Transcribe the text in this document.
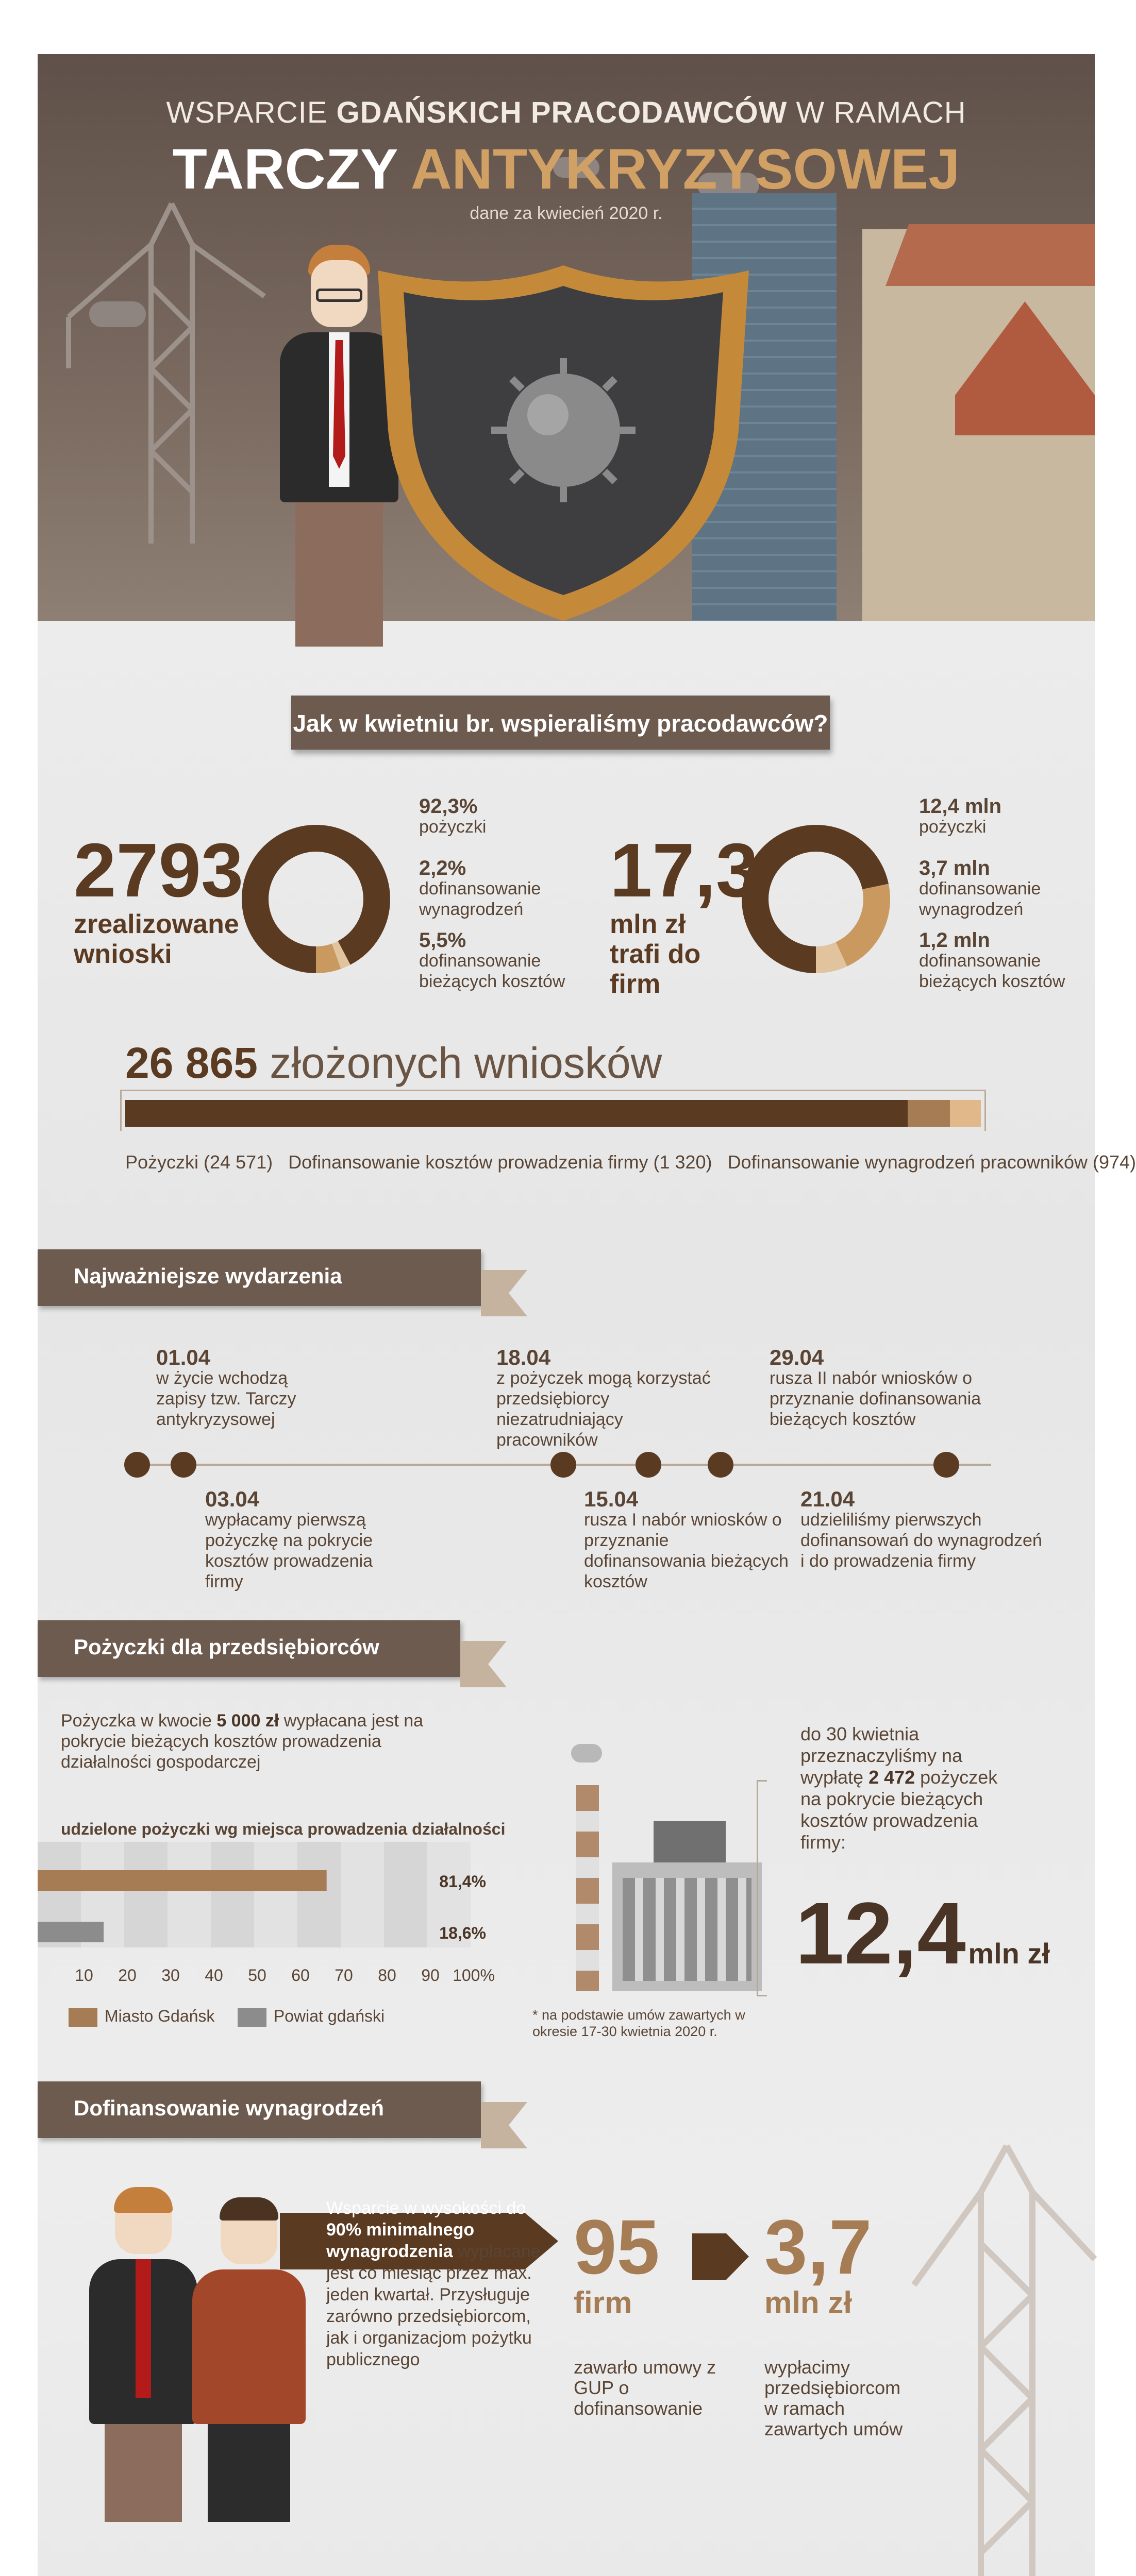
WSPARCIE GDAŃSKICH PRACODAWCÓW W RAMACH
TARCZY ANTYKRYZYSOWEJ
dane za kwiecień 2020 r.
Jak w kwietniu br. wspieraliśmy pracodawców?
2793
zrealizowane wnioski
92,3%
pożyczki
2,2%
dofinansowanie wynagrodzeń
5,5%
dofinansowanie bieżących kosztów
17,3
mln zł trafi do firm
12,4 mln
pożyczki
3,7 mln
dofinansowanie wynagrodzeń
1,2 mln
dofinansowanie bieżących kosztów
26 865 złożonych wniosków
Pożyczki (24 571) Dofinansowanie kosztów prowadzenia firmy (1 320) Dofinansowanie wynagrodzeń pracowników (974)
Najważniejsze wydarzenia
01.04
w życie wchodzą zapisy tzw. Tarczy antykryzysowej
03.04
wypłacamy pierwszą pożyczkę na pokrycie kosztów prowadzenia firmy
18.04
z pożyczek mogą korzystać przedsiębiorcy niezatrudniający pracowników
15.04
ruszа I nabór wniosków o przyznanie dofinansowania bieżących kosztów
29.04
rusza II nabór wniosków o przyznanie dofinansowania bieżących kosztów
21.04
udzieliliśmy pierwszych dofinansowań do wynagrodzeń i do prowadzenia firmy
Pożyczki dla przedsiębiorców
Pożyczka w kwocie 5 000 zł wypłacana jest na pokrycie bieżących kosztów prowadzenia działalności gospodarczej
udzielone pożyczki wg miejsca prowadzenia działalności
81,4%
18,6%
10 20 30 40 50 60 70 80 90 100%
Miasto Gdańsk	Powiat gdański
do 30 kwietnia przeznaczyliśmy na wypłatę 2 472 pożyczek na pokrycie bieżących kosztów prowadzenia firmy:
12,4 mln zł
* na podstawie umów zawartych w okresie 17-30 kwietnia 2020 r.
Dofinansowanie wynagrodzeń
Wsparcie w wysokości do 90% minimalnego wynagrodzenia wypłacane jest co miesiąc przez max. jeden kwartał. Przysługuje zarówno przedsiębiorcom, jak i organizacjom pożytku publicznego
95
firm
zawarło umowy z GUP o dofinansowanie
3,7
mln zł
wypłacimy przedsiębiorcom w ramach zawartych umów
